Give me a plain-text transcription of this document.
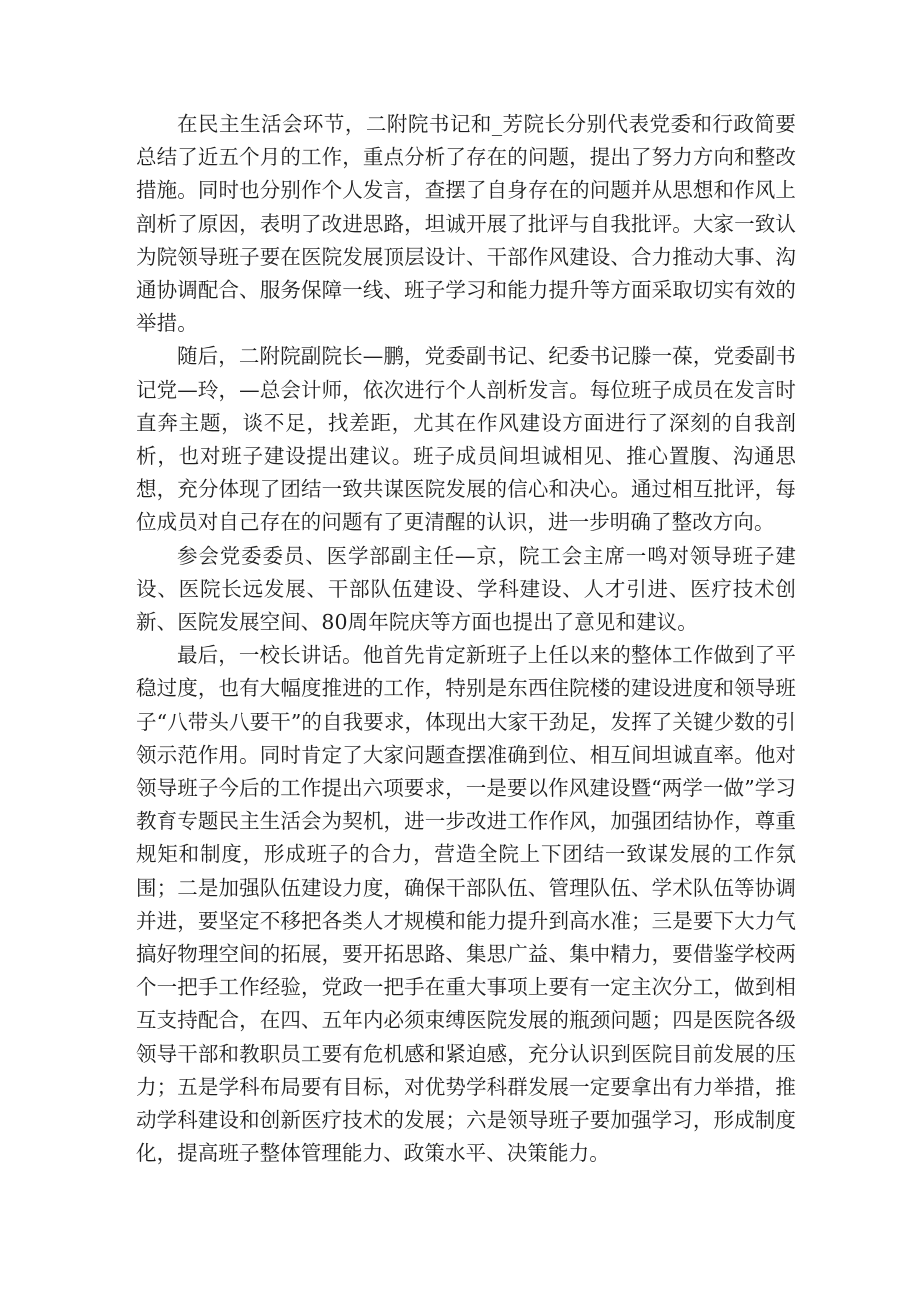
在民主生活会环节，二附院书记和_芳院长分别代表党委和行政简要总结了近五个月的工作，重点分析了存在的问题，提出了努力方向和整改措施。同时也分别作个人发言，查摆了自身存在的问题并从思想和作风上剖析了原因，表明了改进思路，坦诚开展了批评与自我批评。大家一致认为院领导班子要在医院发展顶层设计、干部作风建设、合力推动大事、沟通协调配合、服务保障一线、班子学习和能力提升等方面采取切实有效的举措。

随后，二附院副院长—鹏，党委副书记、纪委书记滕一葆，党委副书记党—玲，—总会计师，依次进行个人剖析发言。每位班子成员在发言时直奔主题，谈不足，找差距，尤其在作风建设方面进行了深刻的自我剖析，也对班子建设提出建议。班子成员间坦诚相见、推心置腹、沟通思想，充分体现了团结一致共谋医院发展的信心和决心。通过相互批评，每位成员对自己存在的问题有了更清醒的认识，进一步明确了整改方向。

参会党委委员、医学部副主任—京，院工会主席一鸣对领导班子建设、医院长远发展、干部队伍建设、学科建设、人才引进、医疗技术创新、医院发展空间、80周年院庆等方面也提出了意见和建议。

最后，一校长讲话。他首先肯定新班子上任以来的整体工作做到了平稳过度，也有大幅度推进的工作，特别是东西住院楼的建设进度和领导班子“八带头八要干”的自我要求，体现出大家干劲足，发挥了关键少数的引领示范作用。同时肯定了大家问题查摆准确到位、相互间坦诚直率。他对领导班子今后的工作提出六项要求，一是要以作风建设暨“两学一做”学习教育专题民主生活会为契机，进一步改进工作作风，加强团结协作，尊重规矩和制度，形成班子的合力，营造全院上下团结一致谋发展的工作氛围；二是加强队伍建设力度，确保干部队伍、管理队伍、学术队伍等协调并进，要坚定不移把各类人才规模和能力提升到高水准；三是要下大力气搞好物理空间的拓展，要开拓思路、集思广益、集中精力，要借鉴学校两个一把手工作经验，党政一把手在重大事项上要有一定主次分工，做到相互支持配合，在四、五年内必须束缚医院发展的瓶颈问题；四是医院各级领导干部和教职员工要有危机感和紧迫感，充分认识到医院目前发展的压力；五是学科布局要有目标，对优势学科群发展一定要拿出有力举措，推动学科建设和创新医疗技术的发展；六是领导班子要加强学习，形成制度化，提高班子整体管理能力、政策水平、决策能力。
